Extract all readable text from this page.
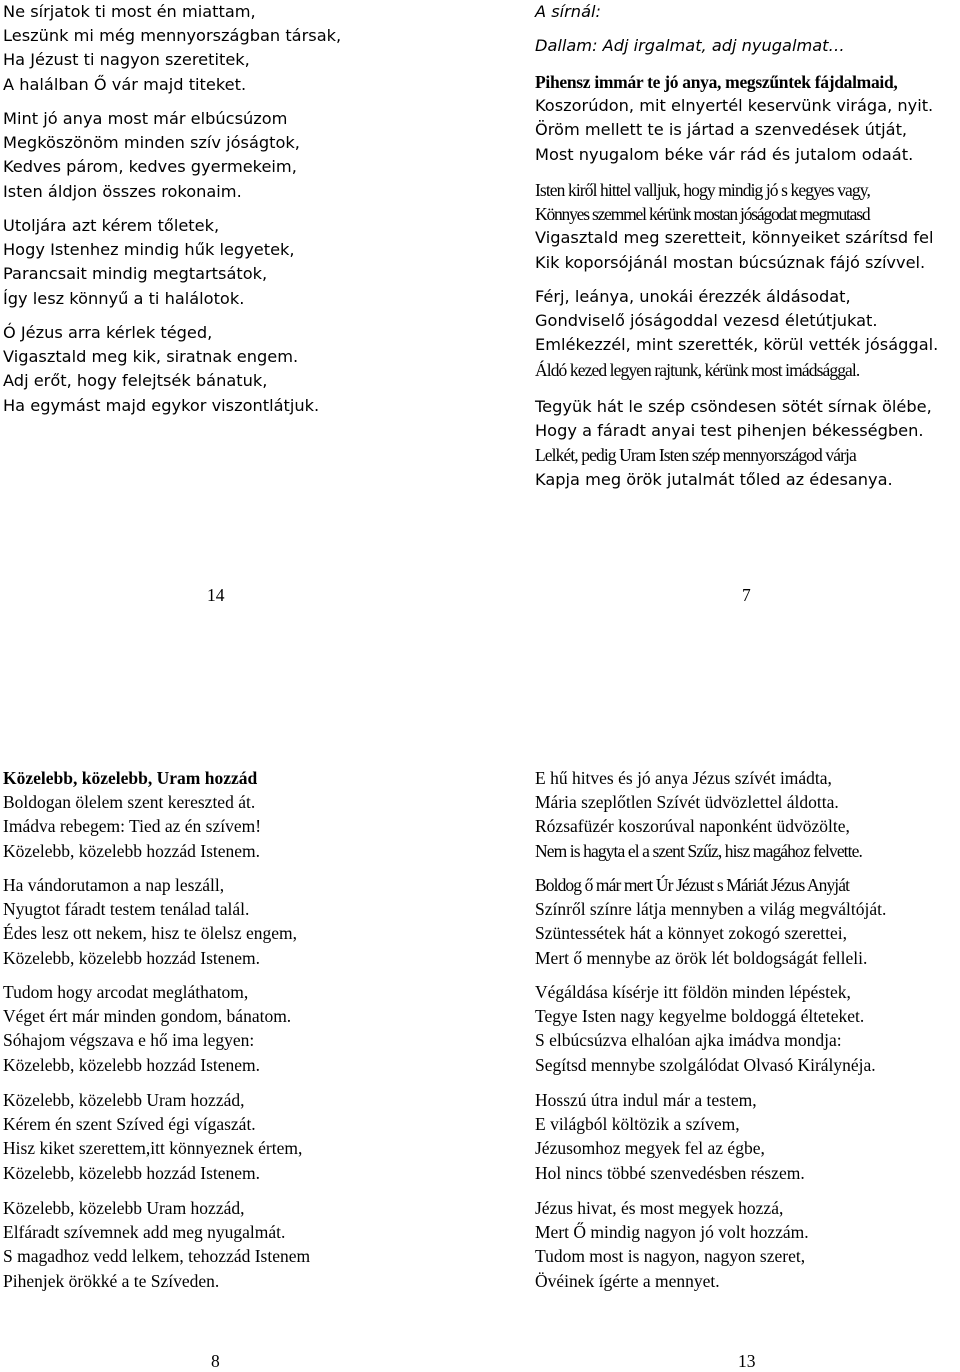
Ne sírjatok ti most én miattam,
Leszünk mi még mennyországban társak,
Ha Jézust ti nagyon szeretitek,
A halálban Ő vár majd titeket.
Mint jó anya most már elbúcsúzom
Megköszönöm minden szív jóságtok,
Kedves párom, kedves gyermekeim,
Isten áldjon összes rokonaim.
Utoljára azt kérem tőletek,
Hogy Istenhez mindig hűk legyetek,
Parancsait mindig megtartsátok,
Így lesz könnyű a ti halálotok.
Ó Jézus arra kérlek téged,
Vigasztald meg kik, siratnak engem.
Adj erőt, hogy felejtsék bánatuk,
Ha egymást majd egykor viszontlátjuk.
A sírnál:
Dallam: Adj irgalmat, adj nyugalmat…
Pihensz immár te jó anya, megszűntek fájdalmaid,
Koszorúdon, mit elnyertél keservünk virága, nyit.
Öröm mellett te is jártad a szenvedések útját,
Most nyugalom béke vár rád és jutalom odaát.
Isten kiről hittel valljuk, hogy mindig jó s kegyes vagy,
Könnyes szemmel kérünk mostan jóságodat megmutasd
Vigasztald meg szeretteit, könnyeiket szárítsd fel
Kik koporsójánál mostan búcsúznak fájó szívvel.
Férj, leánya, unokái érezzék áldásodat,
Gondviselő jóságoddal vezesd életútjukat.
Emlékezzél, mint szerették, körül vették jósággal.
Áldó kezed legyen rajtunk, kérünk most imádsággal.
Tegyük hát le szép csöndesen sötét sírnak ölébe,
Hogy a fáradt anyai test pihenjen békességben.
Lelkét, pedig Uram Isten szép mennyországod várja
Kapja meg örök jutalmát tőled az édesanya.
14	7
Közelebb, közelebb, Uram hozzád
Boldogan ölelem szent kereszted át.
Imádva rebegem: Tied az én szívem!
Közelebb, közelebb hozzád Istenem.
Ha vándorutamon a nap leszáll,
Nyugtot fáradt testem tenálad talál.
Édes lesz ott nekem, hisz te ölelsz engem,
Közelebb, közelebb hozzád Istenem.
Tudom hogy arcodat megláthatom,
Véget ért már minden gondom, bánatom.
Sóhajom végszava e hő ima legyen:
Közelebb, közelebb hozzád Istenem.
Közelebb, közelebb Uram hozzád,
Kérem én szent Szíved égi vígaszát.
Hisz kiket szerettem,itt könnyeznek értem,
Közelebb, közelebb hozzád Istenem.
Közelebb, közelebb Uram hozzád,
Elfáradt szívemnek add meg nyugalmát.
S magadhoz vedd lelkem, tehozzád Istenem
Pihenjek örökké a te Szíveden.
E hű hitves és jó anya Jézus szívét imádta,
Mária szeplőtlen Szívét üdvözlettel áldotta.
Rózsafüzér koszorúval naponként üdvözölte,
Nem is hagyta el a szent Szűz, hisz magához felvette.
Boldog ő már mert Úr Jézust s Máriát Jézus Anyját
Színről színre látja mennyben a világ megváltóját.
Szüntessétek hát a könnyet zokogó szerettei,
Mert ő mennybe az örök lét boldogságát felleli.
Végáldása kísérje itt földön minden lépéstek,
Tegye Isten nagy kegyelme boldoggá élteteket.
S elbúcsúzva elhalóan ajka imádva mondja:
Segítsd mennybe szolgálódat Olvasó Királynéja.
Hosszú útra indul már a testem,
E világból költözik a szívem,
Jézusomhoz megyek fel az égbe,
Hol nincs többé szenvedésben részem.
Jézus hivat, és most megyek hozzá,
Mert Ő mindig nagyon jó volt hozzám.
Tudom most is nagyon, nagyon szeret,
Övéinek ígérte a mennyet.
8	13
